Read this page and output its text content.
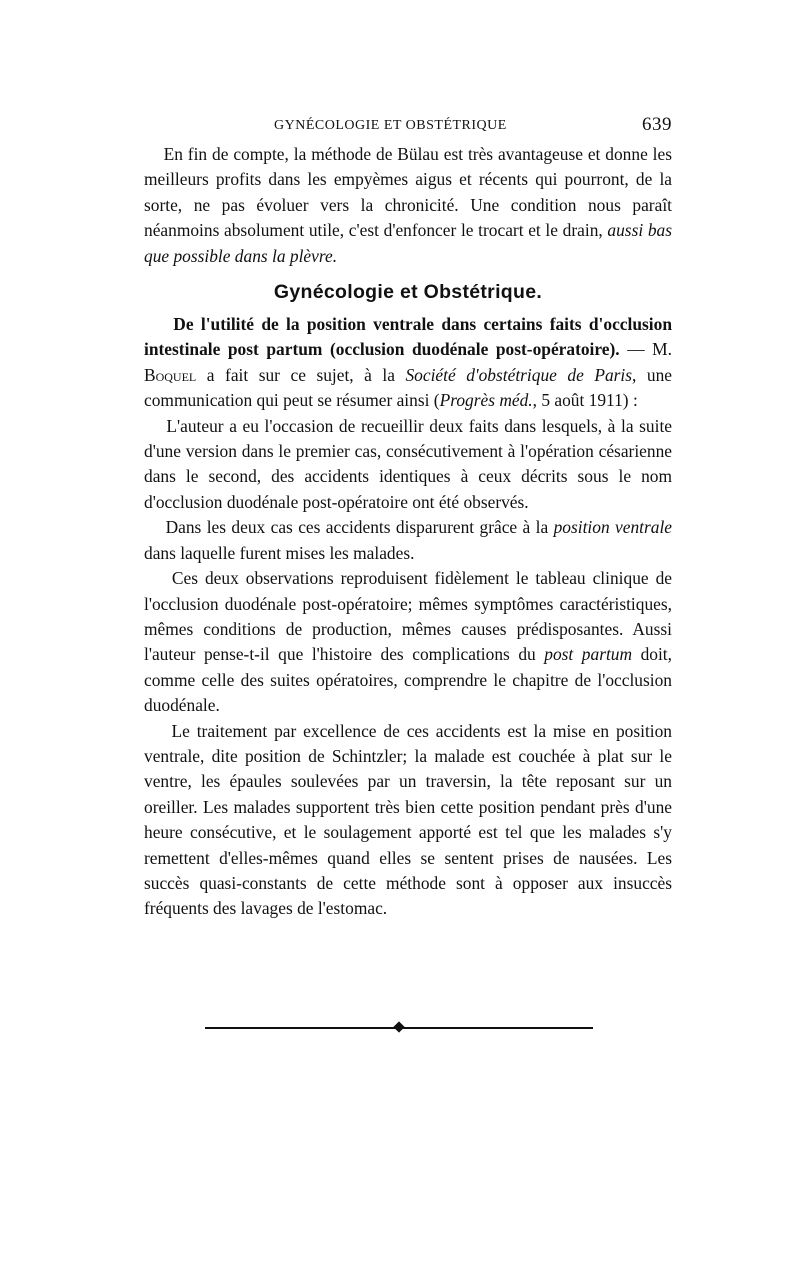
GYNÉCOLOGIE ET OBSTÉTRIQUE	639

En fin de compte, la méthode de Bülau est très avantageuse et donne les meilleurs profits dans les empyèmes aigus et récents qui pourront, de la sorte, ne pas évoluer vers la chronicité. Une condition nous paraît néanmoins absolument utile, c'est d'enfoncer le trocart et le drain, aussi bas que possible dans la plèvre.

Gynécologie et Obstétrique.

De l'utilité de la position ventrale dans certains faits d'occlusion intestinale post partum (occlusion duodénale post-opératoire). — M. Boquel a fait sur ce sujet, à la Société d'obstétrique de Paris, une communication qui peut se résumer ainsi (Progrès méd., 5 août 1911) :

L'auteur a eu l'occasion de recueillir deux faits dans lesquels, à la suite d'une version dans le premier cas, consécutivement à l'opération césarienne dans le second, des accidents identiques à ceux décrits sous le nom d'occlusion duodénale post-opératoire ont été observés.

Dans les deux cas ces accidents disparurent grâce à la position ventrale dans laquelle furent mises les malades.

Ces deux observations reproduisent fidèlement le tableau clinique de l'occlusion duodénale post-opératoire; mêmes symptômes caractéristiques, mêmes conditions de production, mêmes causes prédisposantes. Aussi l'auteur pense-t-il que l'histoire des complications du post partum doit, comme celle des suites opératoires, comprendre le chapitre de l'occlusion duodénale.

Le traitement par excellence de ces accidents est la mise en position ventrale, dite position de Schintzler; la malade est couchée à plat sur le ventre, les épaules soulevées par un traversin, la tête reposant sur un oreiller. Les malades supportent très bien cette position pendant près d'une heure consécutive, et le soulagement apporté est tel que les malades s'y remettent d'elles-mêmes quand elles se sentent prises de nausées. Les succès quasi-constants de cette méthode sont à opposer aux insuccès fréquents des lavages de l'estomac.
